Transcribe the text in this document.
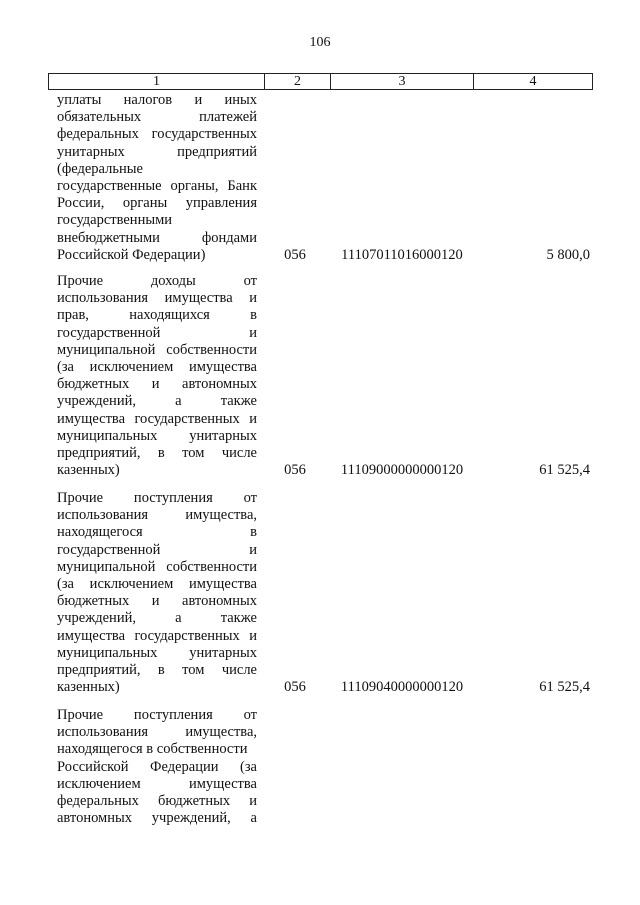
106
1	2	3	4
уплаты налогов и иных
обязательных платежей
федеральных государственных
унитарных предприятий
(федеральные
государственные органы, Банк
России, органы управления
государственными
внебюджетными фондами
Российской Федерации)	056	11107011016000120	5 800,0
Прочие доходы от
использования имущества и
прав, находящихся в
государственной и
муниципальной собственности
(за исключением имущества
бюджетных и автономных
учреждений, а также
имущества государственных и
муниципальных унитарных
предприятий, в том числе
казенных)	056	11109000000000120	61 525,4
Прочие поступления от
использования имущества,
находящегося в
государственной и
муниципальной собственности
(за исключением имущества
бюджетных и автономных
учреждений, а также
имущества государственных и
муниципальных унитарных
предприятий, в том числе
казенных)	056	11109040000000120	61 525,4
Прочие поступления от
использования имущества,
находящегося в собственности
Российской Федерации (за
исключением имущества
федеральных бюджетных и
автономных учреждений, а
